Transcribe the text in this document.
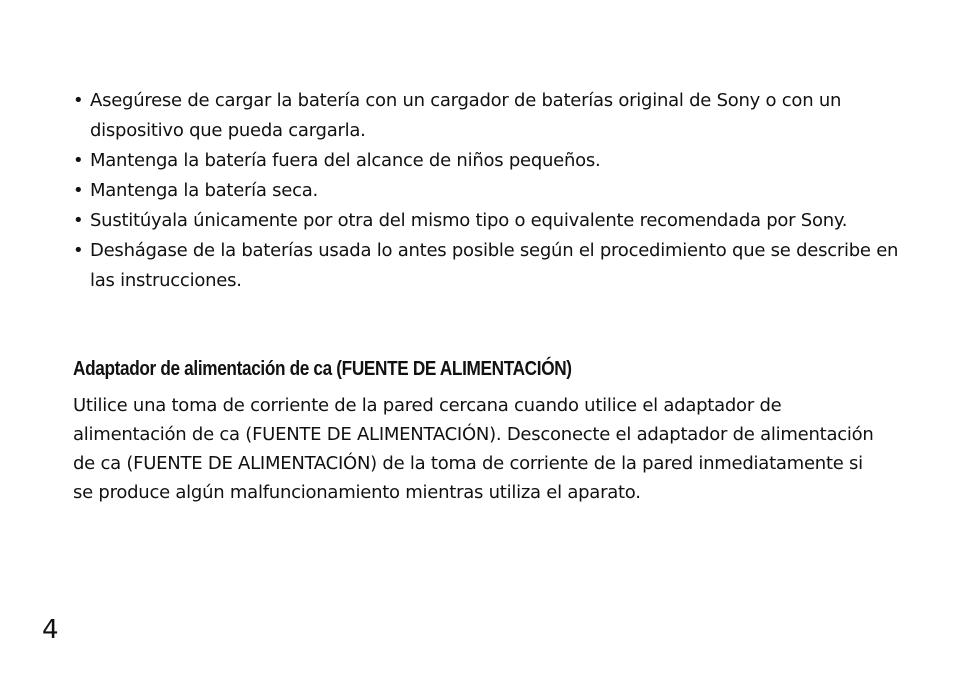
• Asegúrese de cargar la batería con un cargador de baterías original de Sony o con un dispositivo que pueda cargarla.
• Mantenga la batería fuera del alcance de niños pequeños.
• Mantenga la batería seca.
• Sustitúyala únicamente por otra del mismo tipo o equivalente recomendada por Sony.
• Deshágase de la baterías usada lo antes posible según el procedimiento que se describe en las instrucciones.
Adaptador de alimentación de ca (FUENTE DE ALIMENTACIÓN)

Utilice una toma de corriente de la pared cercana cuando utilice el adaptador de alimentación de ca (FUENTE DE ALIMENTACIÓN). Desconecte el adaptador de alimentación de ca (FUENTE DE ALIMENTACIÓN) de la toma de corriente de la pared inmediatamente si se produce algún malfuncionamiento mientras utiliza el aparato.

4
